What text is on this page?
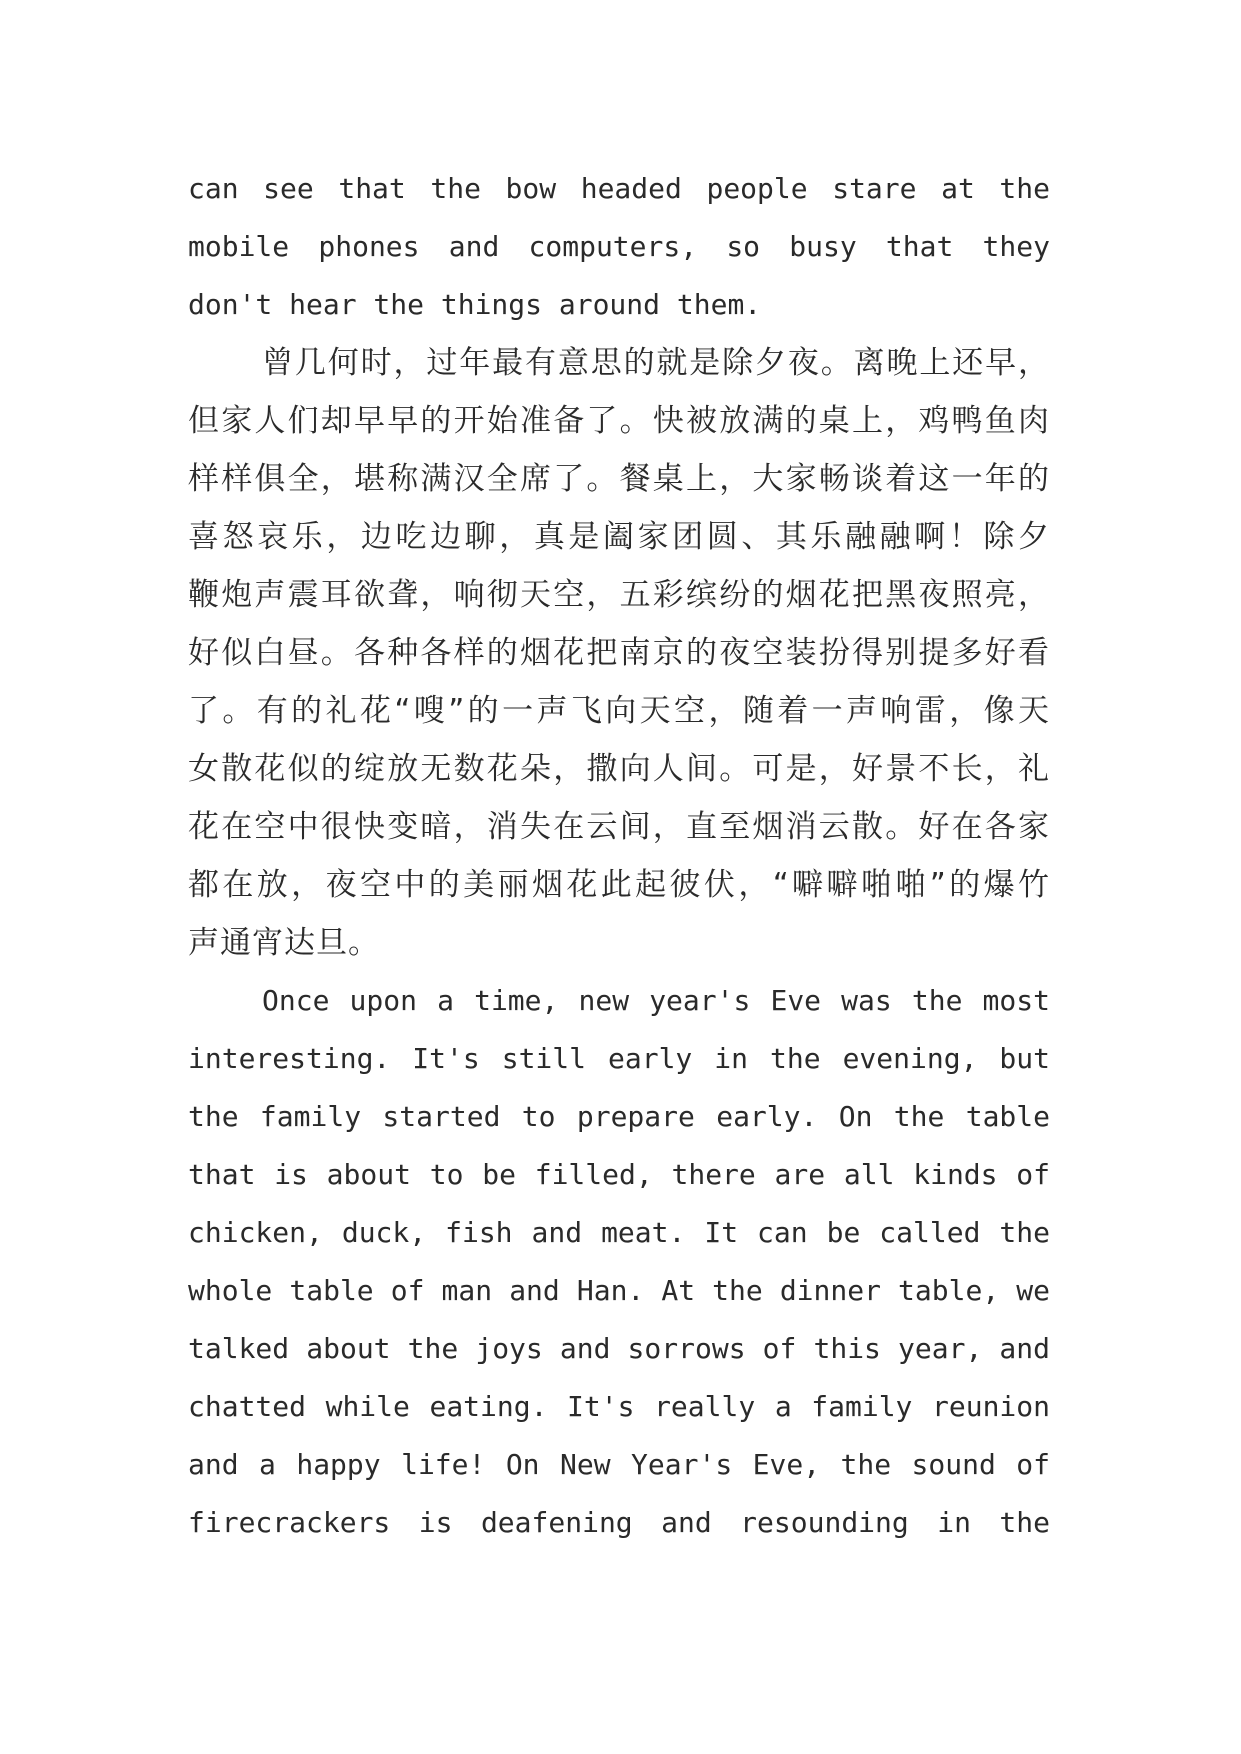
can see that the bow headed people stare at the
mobile phones and computers, so busy that they
don't hear the things around them.
曾几何时，过年最有意思的就是除夕夜。离晚上还早，
但家人们却早早的开始准备了。快被放满的桌上，鸡鸭鱼肉
样样俱全，堪称满汉全席了。餐桌上，大家畅谈着这一年的
喜怒哀乐，边吃边聊，真是阖家团圆、其乐融融啊！除夕
鞭炮声震耳欲聋，响彻天空，五彩缤纷的烟花把黑夜照亮，
好似白昼。各种各样的烟花把南京的夜空装扮得别提多好看
了。有的礼花“嗖”的一声飞向天空，随着一声响雷，像天
女散花似的绽放无数花朵，撒向人间。可是，好景不长，礼
花在空中很快变暗，消失在云间，直至烟消云散。好在各家
都在放，夜空中的美丽烟花此起彼伏，“噼噼啪啪”的爆竹
声通宵达旦。
Once upon a time, new year's Eve was the most
interesting. It's still early in the evening, but
the family started to prepare early. On the table
that is about to be filled, there are all kinds of
chicken, duck, fish and meat. It can be called the
whole table of man and Han. At the dinner table, we
talked about the joys and sorrows of this year, and
chatted while eating. It's really a family reunion
and a happy life! On New Year's Eve, the sound of
firecrackers is deafening and resounding in the
